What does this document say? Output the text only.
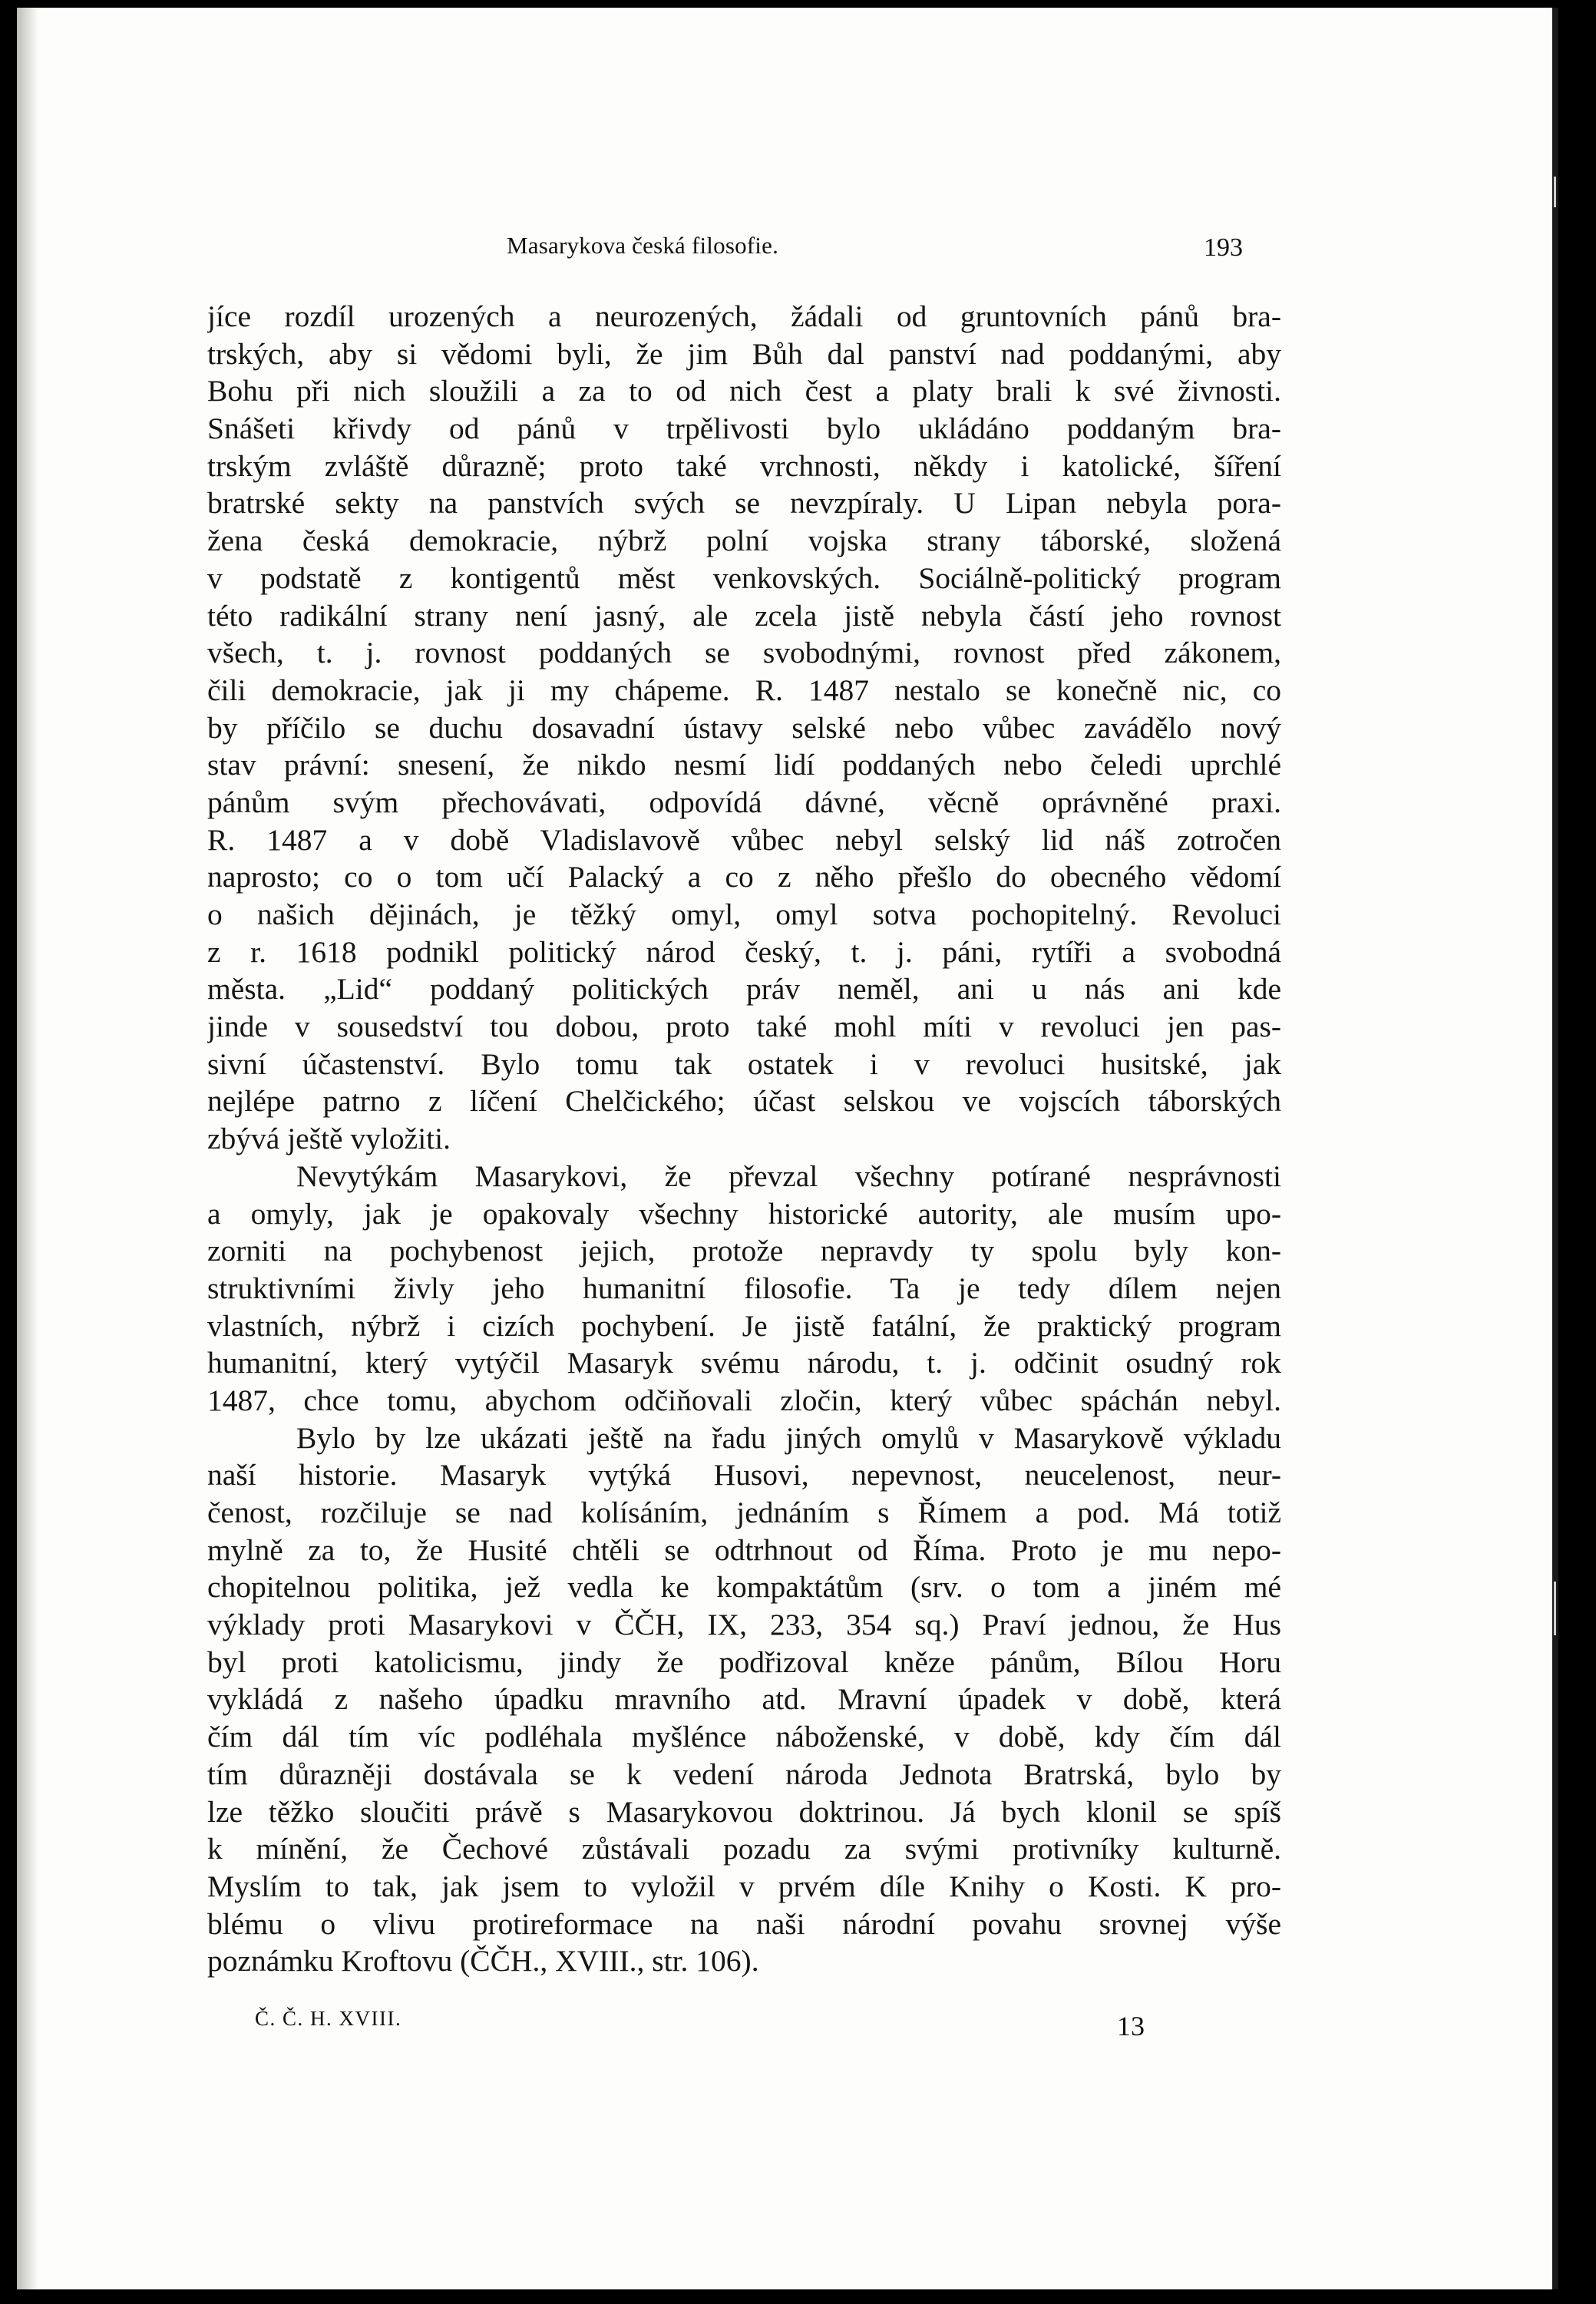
Masarykova česká filosofie.	193
jíce rozdíl urozených a neurozených, žádali od gruntovních pánů bra-
trských, aby si vědomi byli, že jim Bůh dal panství nad poddanými, aby
Bohu při nich sloužili a za to od nich čest a platy brali k své živnosti.
Snášeti křivdy od pánů v trpělivosti bylo ukládáno poddaným bra-
trským zvláště důrazně; proto také vrchnosti, někdy i katolické, šíření
bratrské sekty na panstvích svých se nevzpíraly. U Lipan nebyla pora-
žena česká demokracie, nýbrž polní vojska strany táborské, složená
v podstatě z kontigentů měst venkovských. Sociálně-politický program
této radikální strany není jasný, ale zcela jistě nebyla částí jeho rovnost
všech, t. j. rovnost poddaných se svobodnými, rovnost před zákonem,
čili demokracie, jak ji my chápeme. R. 1487 nestalo se konečně nic, co
by příčilo se duchu dosavadní ústavy selské nebo vůbec zavádělo nový
stav právní: snesení, že nikdo nesmí lidí poddaných nebo čeledi uprchlé
pánům svým přechovávati, odpovídá dávné, věcně oprávněné praxi.
R. 1487 a v době Vladislavově vůbec nebyl selský lid náš zotročen
naprosto; co o tom učí Palacký a co z něho přešlo do obecného vědomí
o našich dějinách, je těžký omyl, omyl sotva pochopitelný. Revoluci
z r. 1618 podnikl politický národ český, t. j. páni, rytíři a svobodná
města. „Lid“ poddaný politických práv neměl, ani u nás ani kde
jinde v sousedství tou dobou, proto také mohl míti v revoluci jen pas-
sivní účastenství. Bylo tomu tak ostatek i v revoluci husitské, jak
nejlépe patrno z líčení Chelčického; účast selskou ve vojscích táborských
zbývá ještě vyložiti.
Nevytýkám Masarykovi, že převzal všechny potírané nesprávnosti
a omyly, jak je opakovaly všechny historické autority, ale musím upo-
zorniti na pochybenost jejich, protože nepravdy ty spolu byly kon-
struktivními živly jeho humanitní filosofie. Ta je tedy dílem nejen
vlastních, nýbrž i cizích pochybení. Je jistě fatální, že praktický program
humanitní, který vytýčil Masaryk svému národu, t. j. odčinit osudný rok
1487, chce tomu, abychom odčiňovali zločin, který vůbec spáchán nebyl.
Bylo by lze ukázati ještě na řadu jiných omylů v Masarykově výkladu
naší historie. Masaryk vytýká Husovi, nepevnost, neucelenost, neur-
čenost, rozčiluje se nad kolísáním, jednáním s Římem a pod. Má totiž
mylně za to, že Husité chtěli se odtrhnout od Říma. Proto je mu nepo-
chopitelnou politika, jež vedla ke kompaktátům (srv. o tom a jiném mé
výklady proti Masarykovi v ČČH, IX, 233, 354 sq.) Praví jednou, že Hus
byl proti katolicismu, jindy že podřizoval kněze pánům, Bílou Horu
vykládá z našeho úpadku mravního atd. Mravní úpadek v době, která
čím dál tím víc podléhala myšlénce náboženské, v době, kdy čím dál
tím důrazněji dostávala se k vedení národa Jednota Bratrská, bylo by
lze těžko sloučiti právě s Masarykovou doktrinou. Já bych klonil se spíš
k mínění, že Čechové zůstávali pozadu za svými protivníky kulturně.
Myslím to tak, jak jsem to vyložil v prvém díle Knihy o Kosti. K pro-
blému o vlivu protireformace na naši národní povahu srovnej výše
poznámku Kroftovu (ČČH., XVIII., str. 106).
Č. Č. H. XVIII.	13
